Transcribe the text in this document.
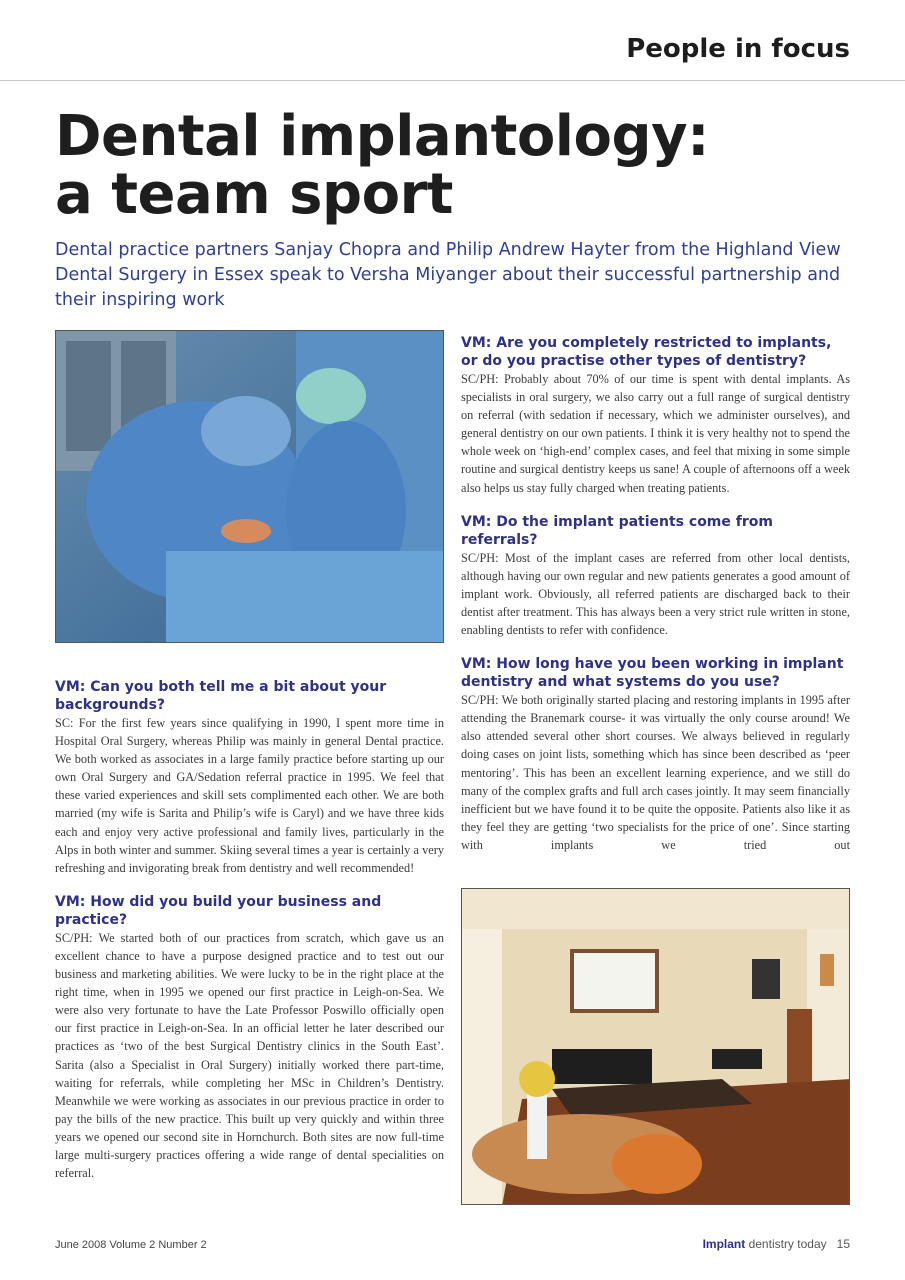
People in focus
Dental implantology:
a team sport
Dental practice partners Sanjay Chopra and Philip Andrew Hayter from the Highland View Dental Surgery in Essex speak to Versha Miyanger about their successful partnership and their inspiring work
VM: Can you both tell me a bit about your backgrounds?

SC: For the first few years since qualifying in 1990, I spent more time in Hospital Oral Surgery, whereas Philip was mainly in general Dental practice. We both worked as associates in a large family practice before starting up our own Oral Surgery and GA/Sedation referral practice in 1995. We feel that these varied experiences and skill sets complimented each other. We are both married (my wife is Sarita and Philip’s wife is Caryl) and we have three kids each and enjoy very active professional and family lives, particularly in the Alps in both winter and summer. Skiing several times a year is certainly a very refreshing and invigorating break from dentistry and well recommended!

VM: How did you build your business and practice?

SC/PH: We started both of our practices from scratch, which gave us an excellent chance to have a purpose designed practice and to test out our business and marketing abilities. We were lucky to be in the right place at the right time, when in 1995 we opened our first practice in Leigh-on-Sea. We were also very fortunate to have the Late Professor Poswillo officially open our first practice in Leigh-on-Sea. In an official letter he later described our practices as ‘two of the best Surgical Dentistry clinics in the South East’. Sarita (also a Specialist in Oral Surgery) initially worked there part-time, waiting for referrals, while completing her MSc in Children’s Dentistry. Meanwhile we were working as associates in our previous practice in order to pay the bills of the new practice. This built up very quickly and within three years we opened our second site in Hornchurch. Both sites are now full-time large multi-surgery practices offering a wide range of dental specialities on referral.

VM: Are you completely restricted to implants, or do you practise other types of dentistry?

SC/PH: Probably about 70% of our time is spent with dental implants. As specialists in oral surgery, we also carry out a full range of surgical dentistry on referral (with sedation if necessary, which we administer ourselves), and general dentistry on our own patients. I think it is very healthy not to spend the whole week on ‘high-end’ complex cases, and feel that mixing in some simple routine and surgical dentistry keeps us sane! A couple of afternoons off a week also helps us stay fully charged when treating patients.

VM: Do the implant patients come from referrals?

SC/PH: Most of the implant cases are referred from other local dentists, although having our own regular and new patients generates a good amount of implant work. Obviously, all referred patients are discharged back to their dentist after treatment. This has always been a very strict rule written in stone, enabling dentists to refer with confidence.

VM: How long have you been working in implant dentistry and what systems do you use?

SC/PH: We both originally started placing and restoring implants in 1995 after attending the Branemark course- it was virtually the only course around! We also attended several other short courses. We always believed in regularly doing cases on joint lists, something which has since been described as ‘peer mentoring’. This has been an excellent learning experience, and we still do many of the complex grafts and full arch cases jointly. It may seem financially inefficient but we have found it to be quite the opposite. Patients also like it as they feel they are getting ‘two specialists for the price of one’. Since starting with implants we tried out

June 2008 Volume 2 Number 2	Implant dentistry today 15
